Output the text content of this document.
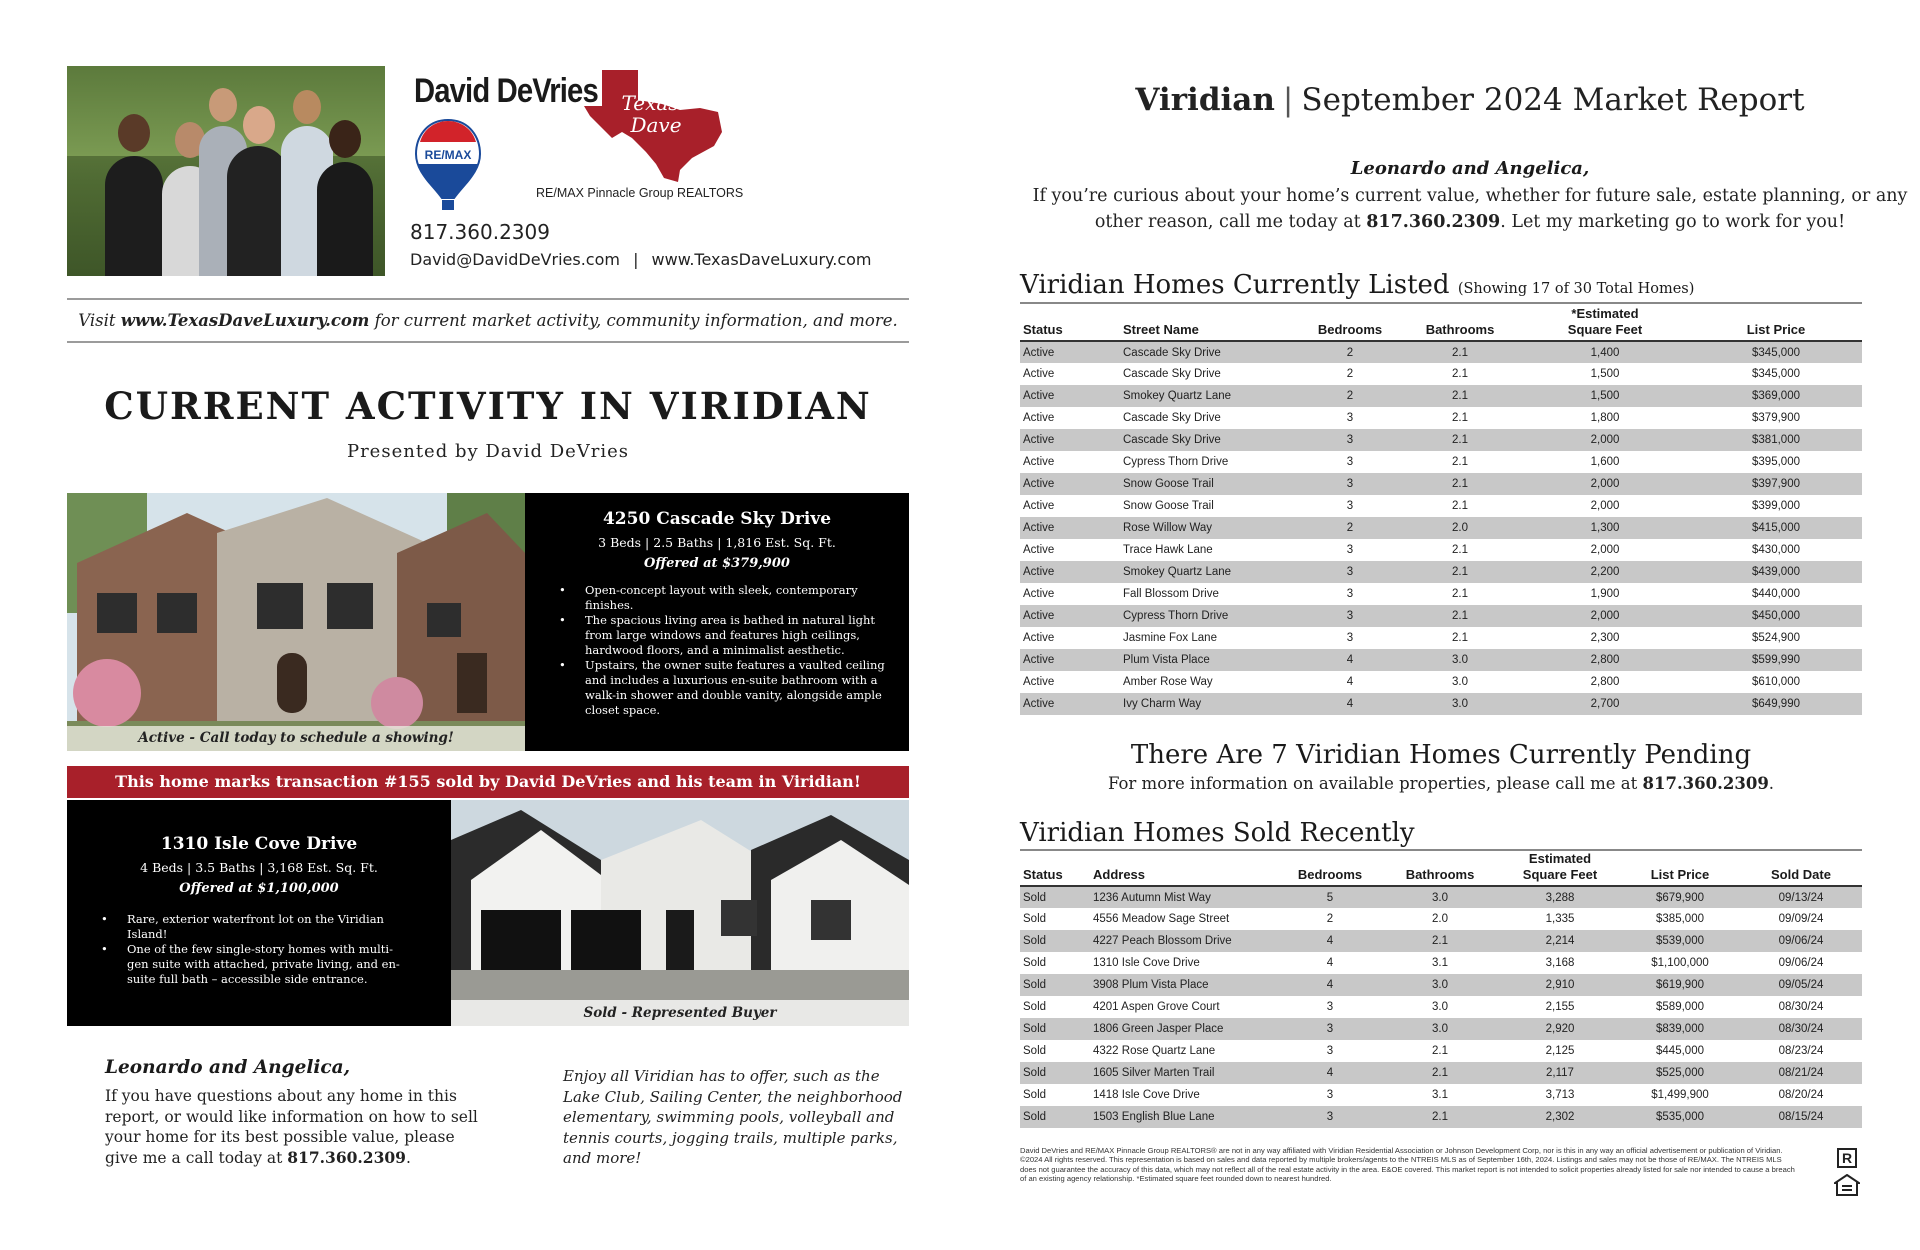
David DeVries
RE/MAX
Texas
Dave
RE/MAX Pinnacle Group REALTORS
817.360.2309
David@DavidDeVries.com | www.TexasDaveLuxury.com
Visit www.TexasDaveLuxury.com for current market activity, community information, and more.
CURRENT ACTIVITY IN VIRIDIAN
Presented by David DeVries
Active - Call today to schedule a showing!
4250 Cascade Sky Drive
3 Beds | 2.5 Baths | 1,816 Est. Sq. Ft.
Offered at $379,900
• Open-concept layout with sleek, contemporary finishes.
• The spacious living area is bathed in natural light from large windows and features high ceilings, hardwood floors, and a minimalist aesthetic.
• Upstairs, the owner suite features a vaulted ceiling and includes a luxurious en-suite bathroom with a walk-in shower and double vanity, alongside ample closet space.
This home marks transaction #155 sold by David DeVries and his team in Viridian!
1310 Isle Cove Drive
4 Beds | 3.5 Baths | 3,168 Est. Sq. Ft.
Offered at $1,100,000
• Rare, exterior waterfront lot on the Viridian Island!
• One of the few single-story homes with multi-gen suite with attached, private living, and en-suite full bath – accessible side entrance.
Sold - Represented Buyer
Leonardo and Angelica,
If you have questions about any home in this report, or would like information on how to sell your home for its best possible value, please give me a call today at 817.360.2309.
Enjoy all Viridian has to offer, such as the Lake Club, Sailing Center, the neighborhood elementary, swimming pools, volleyball and tennis courts, jogging trails, multiple parks, and more!
Viridian | September 2024 Market Report
Leonardo and Angelica,
If you’re curious about your home’s current value, whether for future sale, estate planning, or any other reason, call me today at 817.360.2309. Let my marketing go to work for you!
Viridian Homes Currently Listed (Showing 17 of 30 Total Homes)
Status	Street Name	Bedrooms	Bathrooms	*Estimated
Square Feet	List Price
Active	Cascade Sky Drive	2	2.1	1,400	$345,000
Active	Cascade Sky Drive	2	2.1	1,500	$345,000
Active	Smokey Quartz Lane	2	2.1	1,500	$369,000
Active	Cascade Sky Drive	3	2.1	1,800	$379,900
Active	Cascade Sky Drive	3	2.1	2,000	$381,000
Active	Cypress Thorn Drive	3	2.1	1,600	$395,000
Active	Snow Goose Trail	3	2.1	2,000	$397,900
Active	Snow Goose Trail	3	2.1	2,000	$399,000
Active	Rose Willow Way	2	2.0	1,300	$415,000
Active	Trace Hawk Lane	3	2.1	2,000	$430,000
Active	Smokey Quartz Lane	3	2.1	2,200	$439,000
Active	Fall Blossom Drive	3	2.1	1,900	$440,000
Active	Cypress Thorn Drive	3	2.1	2,000	$450,000
Active	Jasmine Fox Lane	3	2.1	2,300	$524,900
Active	Plum Vista Place	4	3.0	2,800	$599,990
Active	Amber Rose Way	4	3.0	2,800	$610,000
Active	Ivy Charm Way	4	3.0	2,700	$649,990
There Are 7 Viridian Homes Currently Pending
For more information on available properties, please call me at 817.360.2309.
Viridian Homes Sold Recently
Status	Address	Bedrooms	Bathrooms	Estimated
Square Feet	List Price	Sold Date
Sold	1236 Autumn Mist Way	5	3.0	3,288	$679,900	09/13/24
Sold	4556 Meadow Sage Street	2	2.0	1,335	$385,000	09/09/24
Sold	4227 Peach Blossom Drive	4	2.1	2,214	$539,000	09/06/24
Sold	1310 Isle Cove Drive	4	3.1	3,168	$1,100,000	09/06/24
Sold	3908 Plum Vista Place	4	3.0	2,910	$619,900	09/05/24
Sold	4201 Aspen Grove Court	3	3.0	2,155	$589,000	08/30/24
Sold	1806 Green Jasper Place	3	3.0	2,920	$839,000	08/30/24
Sold	4322 Rose Quartz Lane	3	2.1	2,125	$445,000	08/23/24
Sold	1605 Silver Marten Trail	4	2.1	2,117	$525,000	08/21/24
Sold	1418 Isle Cove Drive	3	3.1	3,713	$1,499,900	08/20/24
Sold	1503 English Blue Lane	3	2.1	2,302	$535,000	08/15/24
David DeVries and RE/MAX Pinnacle Group REALTORS® are not in any way affiliated with Viridian Residential Association or Johnson Development Corp, nor is this in any way an official advertisement or publication of Viridian. ©2024 All rights reserved. This representation is based on sales and data reported by multiple brokers/agents to the NTREIS MLS as of September 16th, 2024. Listings and sales may not be those of RE/MAX. The NTREIS MLS does not guarantee the accuracy of this data, which may not reflect all of the real estate activity in the area. E&OE covered. This market report is not intended to solicit properties already listed for sale nor intended to cause a breach of an existing agency relationship. *Estimated square feet rounded down to nearest hundred.
R
